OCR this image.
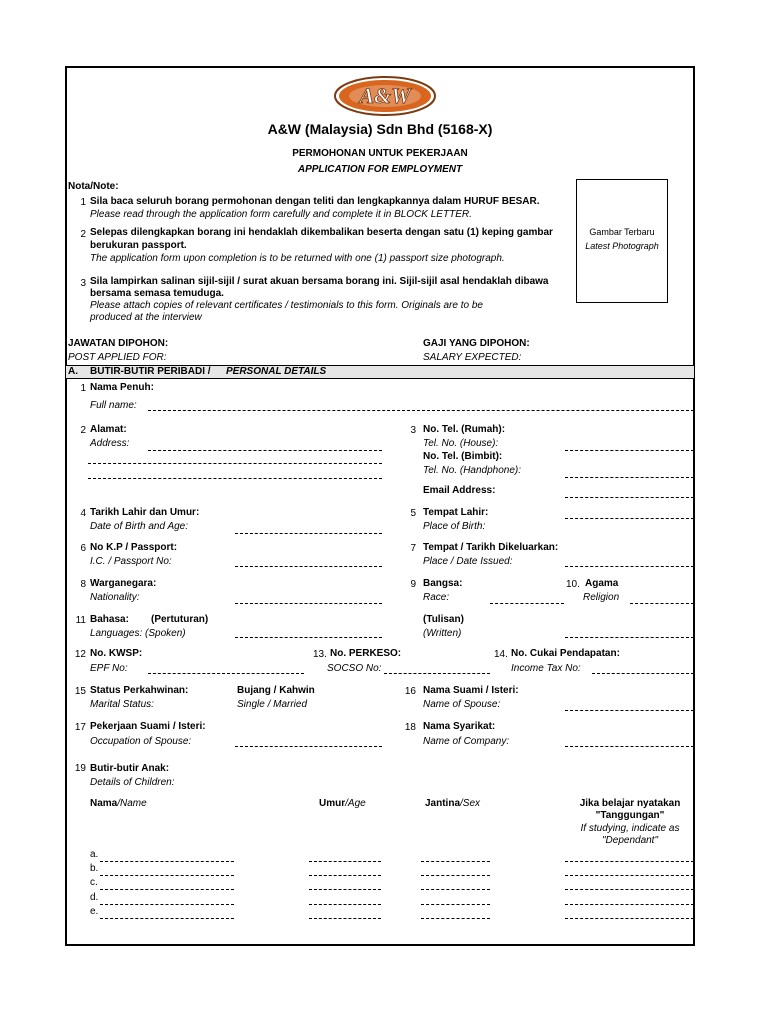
A&W
A&W (Malaysia) Sdn Bhd (5168-X)
PERMOHONAN UNTUK PEKERJAAN
APPLICATION FOR EMPLOYMENT
Nota/Note:
1 Sila baca seluruh borang permohonan dengan teliti dan lengkapkannya dalam HURUF BESAR.
Please read through the application form carefully and complete it in BLOCK LETTER.
2 Selepas dilengkapkan borang ini hendaklah dikembalikan beserta dengan satu (1) keping gambar
berukuran passport.
The application form upon completion is to be returned with one (1) passport size photograph.
3 Sila lampirkan salinan sijil-sijil / surat akuan bersama borang ini. Sijil-sijil asal hendaklah dibawa
bersama semasa temuduga.
Please attach copies of relevant certificates / testimonials to this form. Originals are to be
produced at the interview
Gambar Terbaru
Latest Photograph
JAWATAN DIPOHON:
POST APPLIED FOR:
GAJI YANG DIPOHON:
SALARY EXPECTED:
A. BUTIR-BUTIR PERIBADI / PERSONAL DETAILS
1 Nama Penuh:
Full name:
2 Alamat:
Address:
3 No. Tel. (Rumah):
Tel. No. (House):
No. Tel. (Bimbit):
Tel. No. (Handphone):
Email Address:
4 Tarikh Lahir dan Umur:
Date of Birth and Age:
5 Tempat Lahir:
Place of Birth:
6 No K.P / Passport:
I.C. / Passport No:
7 Tempat / Tarikh Dikeluarkan:
Place / Date Issued:
8 Warganegara:
Nationality:
9 Bangsa:
Race:
10. Agama
Religion
11 Bahasa: (Pertuturan)
Languages: (Spoken)
(Tulisan)
(Written)
12 No. KWSP:
EPF No:
13. No. PERKESO:
SOCSO No:
14. No. Cukai Pendapatan:
Income Tax No:
15 Status Perkahwinan:
Marital Status:
Bujang / Kahwin
Single / Married
16 Nama Suami / Isteri:
Name of Spouse:
17 Pekerjaan Suami / Isteri:
Occupation of Spouse:
18 Nama Syarikat:
Name of Company:
19 Butir-butir Anak:
Details of Children:
Nama/Name	Umur/Age	Jantina/Sex	Jika belajar nyatakan
"Tanggungan"
If studying, indicate as
"Dependant"
a.
b.
c.
d.
e.
